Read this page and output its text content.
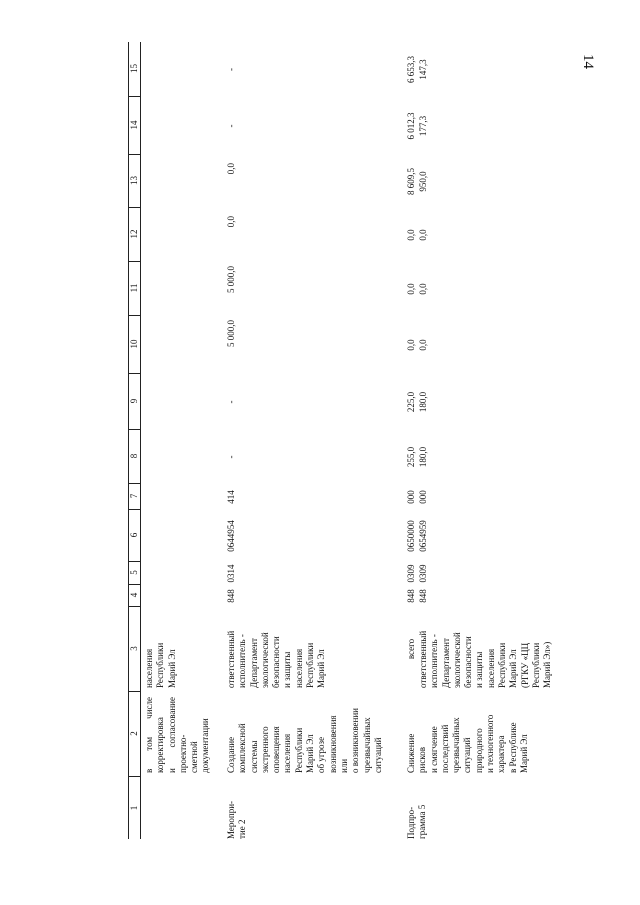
14
1
2
3
4
5
6
7
8
9
10
11
12
13
14
15
в том числе корректировка и согласование проектно- сметной документации
населения Республики Марий Эл
Меропри- тие 2
Создание комплексной системы экстренного оповещения населения Республики Марий Эл об угрозе возникновения или о возникновении чрезвычайных ситуаций
ответственный исполнитель - Департамент экологической безопасности и защиты населения Республики Марий Эл
848
0314
0644954
414
-
-
5 000,0
5 000,0
0,0
0,0
-
-
Подпро- грамма 5
Снижение рисков и смягчение последствий чрезвычайных ситуаций природного и техногенного характера в Республике Марий Эл
всего
848
0309
0650000
000
255,0
225,0
0,0
0,0
0,0
8 609,5
6 012,3
6 653,3
ответственный исполнитель - Департамент экологической безопасности и защиты населения Республики Марий Эл (РГКУ «ЦЦ Республики Марий Эл»)
848
0309
0654959
000
180,0
180,0
0,0
0,0
0,0
950,0
177,3
147,3
